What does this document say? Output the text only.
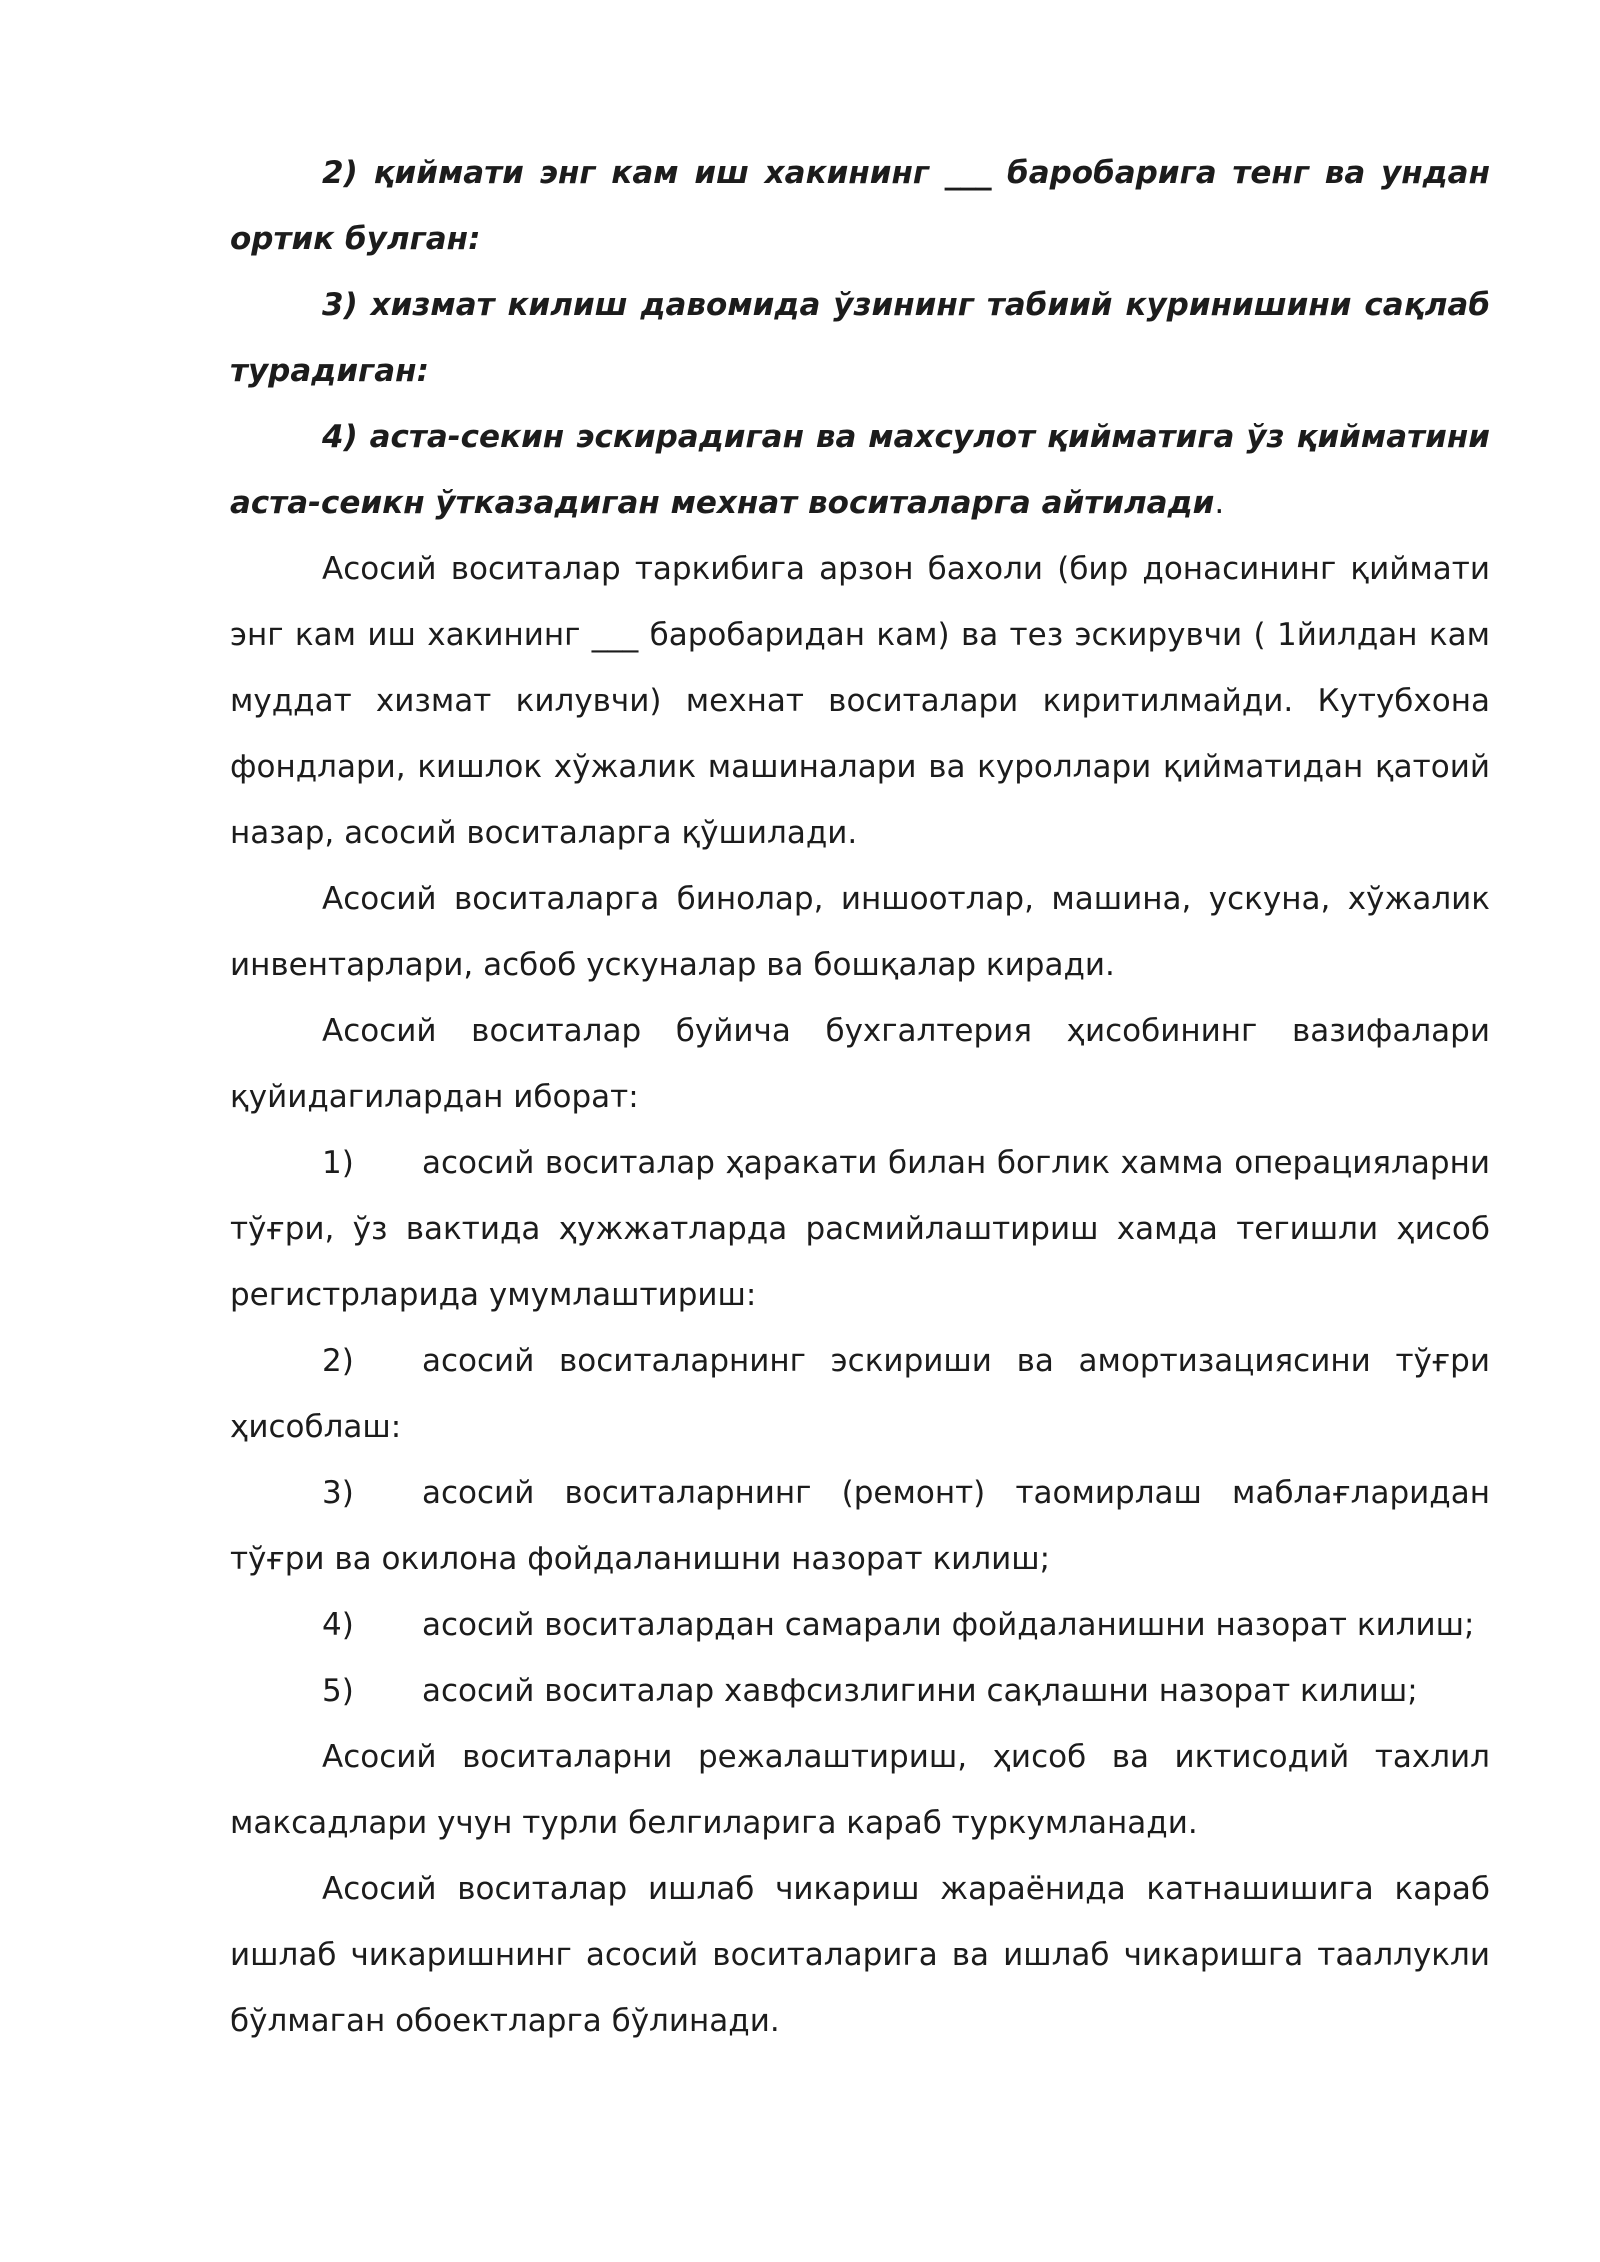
2) қиймати энг кам иш хакининг ___ баробарига тенг ва ундан ортик булган:

3) хизмат килиш давомида ўзининг табиий куринишини сақлаб турадиган:

4) аста-секин эскирадиган ва махсулот қийматига ўз қийматини аста-сеикн ўтказадиган мехнат воситаларга айтилади.

Асосий воситалар таркибига арзон бахоли (бир донасининг қиймати энг кам иш хакининг ___ баробаридан кам) ва тез эскирувчи ( 1йилдан кам муддат хизмат килувчи) мехнат воситалари киритилмайди. Кутубхона фондлари, кишлок хўжалик машиналари ва куроллари қийматидан қатоий назар, асосий воситаларга қўшилади.

Асосий воситаларга бинолар, иншоотлар, машина, ускуна, хўжалик инвентарлари, асбоб ускуналар ва бошқалар киради.

Асосий воситалар буйича бухгалтерия ҳисобининг вазифалари қуйидагилардан иборат:

1) асосий воситалар ҳаракати билан боглик хамма операцияларни тўғри, ўз вактида ҳужжатларда расмийлаштириш хамда тегишли ҳисоб регистрларида умумлаштириш:

2) асосий воситаларнинг эскириши ва амортизациясини тўғри ҳисоблаш:

3) асосий воситаларнинг (ремонт) таомирлаш маблағларидан тўғри ва окилона фойдаланишни назорат килиш;

4) асосий воситалардан самарали фойдаланишни назорат килиш;

5) асосий воситалар хавфсизлигини сақлашни назорат килиш;

Асосий воситаларни режалаштириш, ҳисоб ва иктисодий тахлил максадлари учун турли белгиларига караб туркумланади.

Асосий воситалар ишлаб чикариш жараёнида катнашишига караб ишлаб чикаришнинг асосий воситаларига ва ишлаб чикаришга тааллукли бўлмаган обоектларга бўлинади.
